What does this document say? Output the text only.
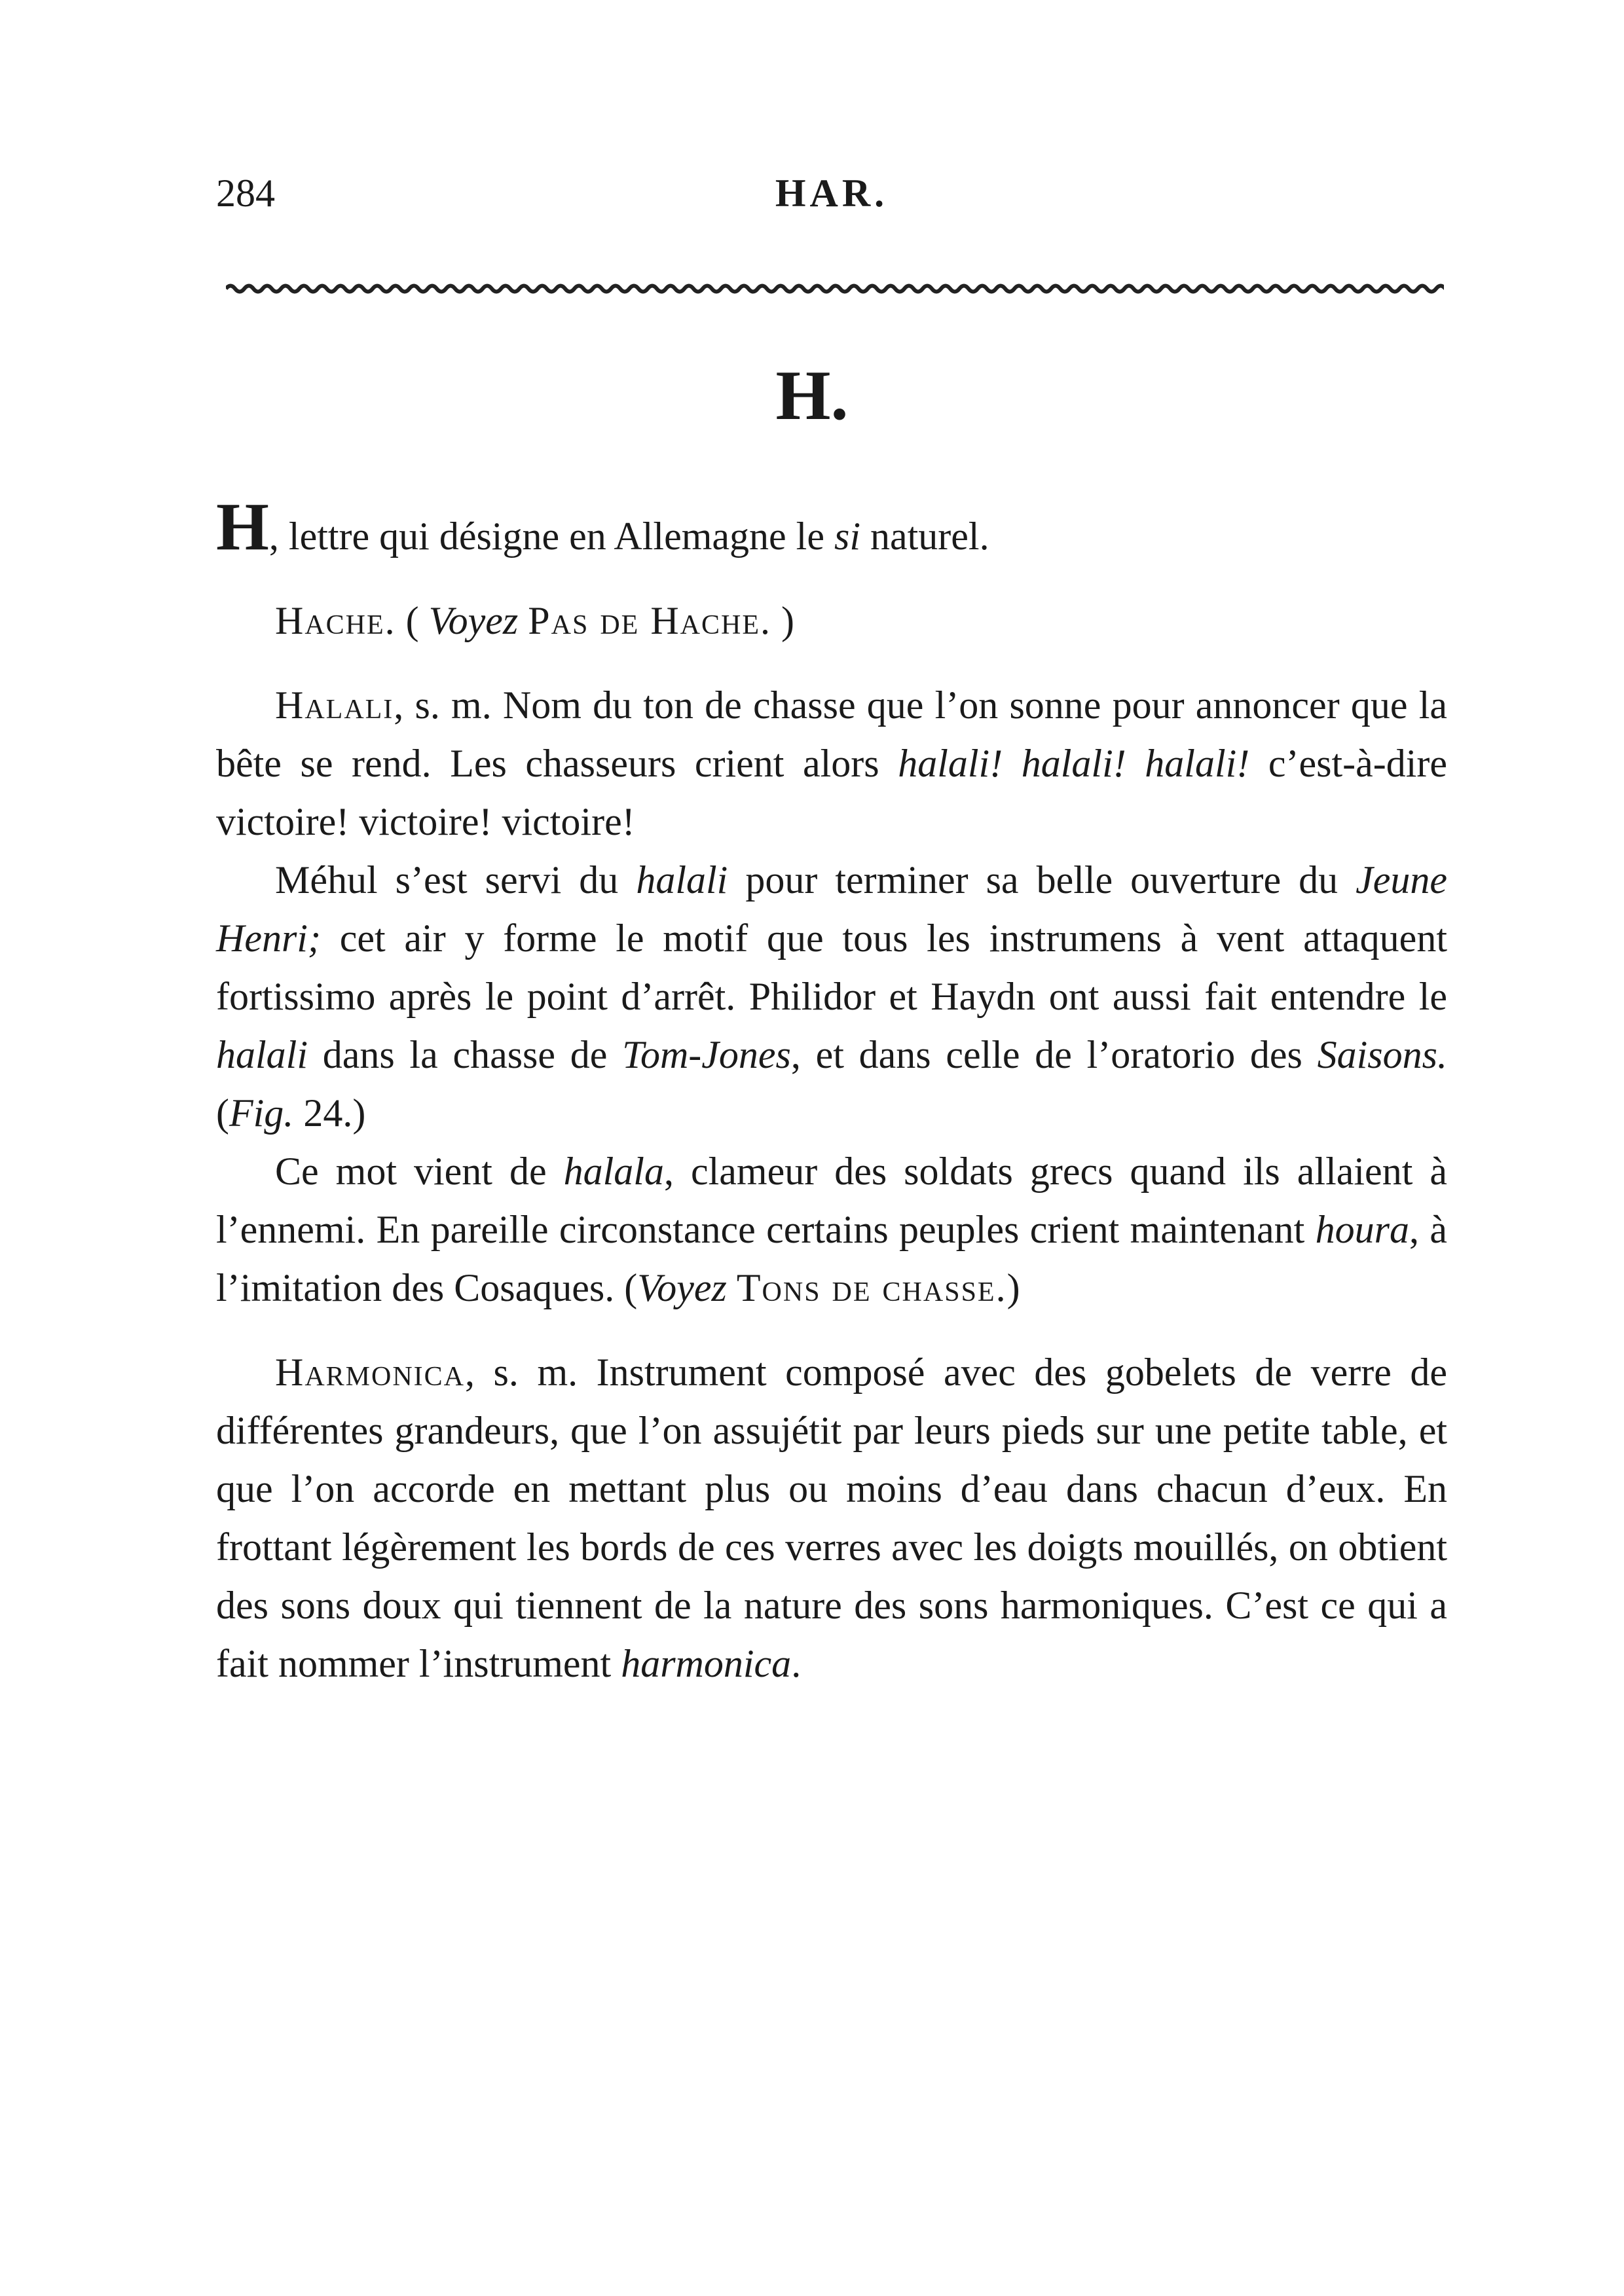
284	HAR.
H.

H, lettre qui désigne en Allemagne le si naturel.

Hache. ( Voyez Pas de Hache. )

Halali, s. m. Nom du ton de chasse que l’on sonne pour annoncer que la bête se rend. Les chasseurs crient alors halali! halali! halali! c’est-à-dire victoire! victoire! victoire!

Méhul s’est servi du halali pour terminer sa belle ouverture du Jeune Henri; cet air y forme le motif que tous les instrumens à vent attaquent fortissimo après le point d’arrêt. Philidor et Haydn ont aussi fait entendre le halali dans la chasse de Tom-Jones, et dans celle de l’oratorio des Saisons. (Fig. 24.)

Ce mot vient de halala, clameur des soldats grecs quand ils allaient à l’ennemi. En pareille circonstance certains peuples crient maintenant houra, à l’imitation des Cosaques. (Voyez Tons de chasse.)

Harmonica, s. m. Instrument composé avec des gobelets de verre de différentes grandeurs, que l’on assujétit par leurs pieds sur une petite table, et que l’on accorde en mettant plus ou moins d’eau dans chacun d’eux. En frottant légèrement les bords de ces verres avec les doigts mouillés, on obtient des sons doux qui tiennent de la nature des sons harmoniques. C’est ce qui a fait nommer l’instrument harmonica.
